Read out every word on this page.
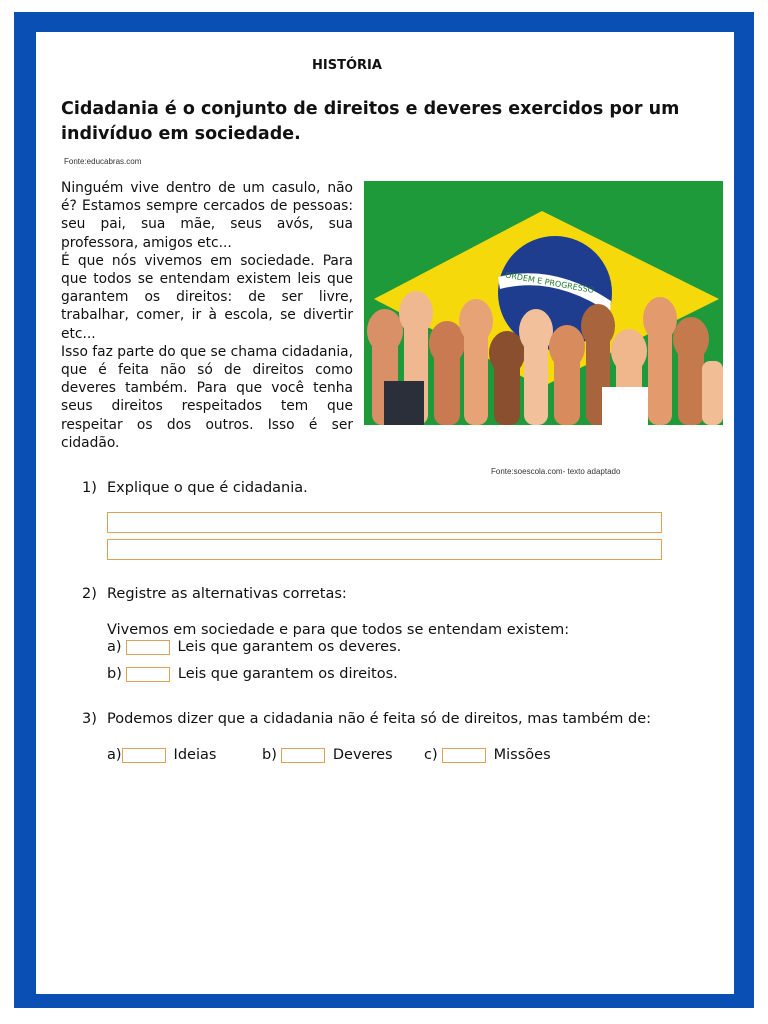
HISTÓRIA
Cidadania é o conjunto de direitos e deveres exercidos por um indivíduo em sociedade.
Fonte:educabras.com

Ninguém vive dentro de um casulo, não é? Estamos sempre cercados de pessoas: seu pai, sua mãe, seus avós, sua professora, amigos etc...

É que nós vivemos em sociedade. Para que todos se entendam existem leis que garantem os direitos: de ser livre, trabalhar, comer, ir à escola, se divertir etc...

Isso faz parte do que se chama cidadania, que é feita não só de direitos como deveres também. Para que você tenha seus direitos respeitados tem que respeitar os dos outros. Isso é ser cidadão.

ORDEM E PROGRESSO
Fonte:soescola.com- texto adaptado
1) Explique o que é cidadania.
2) Registre as alternativas corretas:
Vivemos em sociedade e para que todos se entendam existem:
a)	Leis que garantem os deveres.
b)	Leis que garantem os direitos.
3) Podemos dizer que a cidadania não é feita só de direitos, mas também de:
a)	Ideias	b)	Deveres c)	Missões
